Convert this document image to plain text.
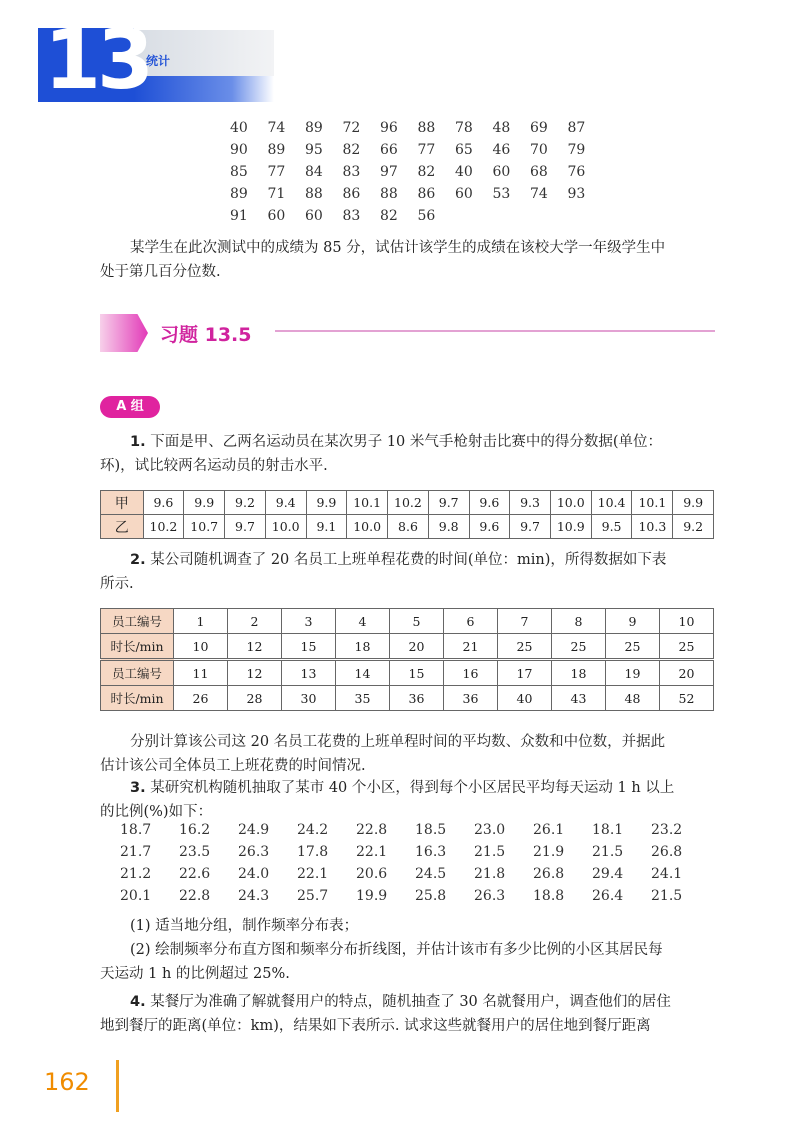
13
统计
40	74	89	72	96	88	78	48	69	87
90	89	95	82	66	77	65	46	70	79
85	77	84	83	97	82	40	60	68	76
89	71	88	86	88	86	60	53	74	93
91	60	60	83	82	56
某学生在此次测试中的成绩为 85 分，试估计该学生的成绩在该校大学一年级学生中
处于第几百分位数.
习题 13.5
A 组
1. 下面是甲、乙两名运动员在某次男子 10 米气手枪射击比赛中的得分数据(单位：
环)，试比较两名运动员的射击水平.
甲	9.6	9.9	9.2	9.4	9.9	10.1	10.2	9.7	9.6	9.3	10.0	10.4	10.1	9.9
乙	10.2	10.7	9.7	10.0	9.1	10.0	8.6	9.8	9.6	9.7	10.9	9.5	10.3	9.2
2. 某公司随机调查了 20 名员工上班单程花费的时间(单位：min)，所得数据如下表
所示.
员工编号	1	2	3	4	5	6	7	8	9	10
时长/min	10	12	15	18	20	21	25	25	25	25
员工编号	11	12	13	14	15	16	17	18	19	20
时长/min	26	28	30	35	36	36	40	43	48	52
分别计算该公司这 20 名员工花费的上班单程时间的平均数、众数和中位数，并据此
估计该公司全体员工上班花费的时间情况.
3. 某研究机构随机抽取了某市 40 个小区，得到每个小区居民平均每天运动 1 h 以上
的比例(%)如下：
18.7	16.2	24.9	24.2	22.8	18.5	23.0	26.1	18.1	23.2
21.7	23.5	26.3	17.8	22.1	16.3	21.5	21.9	21.5	26.8
21.2	22.6	24.0	22.1	20.6	24.5	21.8	26.8	29.4	24.1
20.1	22.8	24.3	25.7	19.9	25.8	26.3	18.8	26.4	21.5
(1) 适当地分组，制作频率分布表；
(2) 绘制频率分布直方图和频率分布折线图，并估计该市有多少比例的小区其居民每
天运动 1 h 的比例超过 25%.
4. 某餐厅为准确了解就餐用户的特点，随机抽查了 30 名就餐用户，调查他们的居住
地到餐厅的距离(单位：km)，结果如下表所示. 试求这些就餐用户的居住地到餐厅距离
162
